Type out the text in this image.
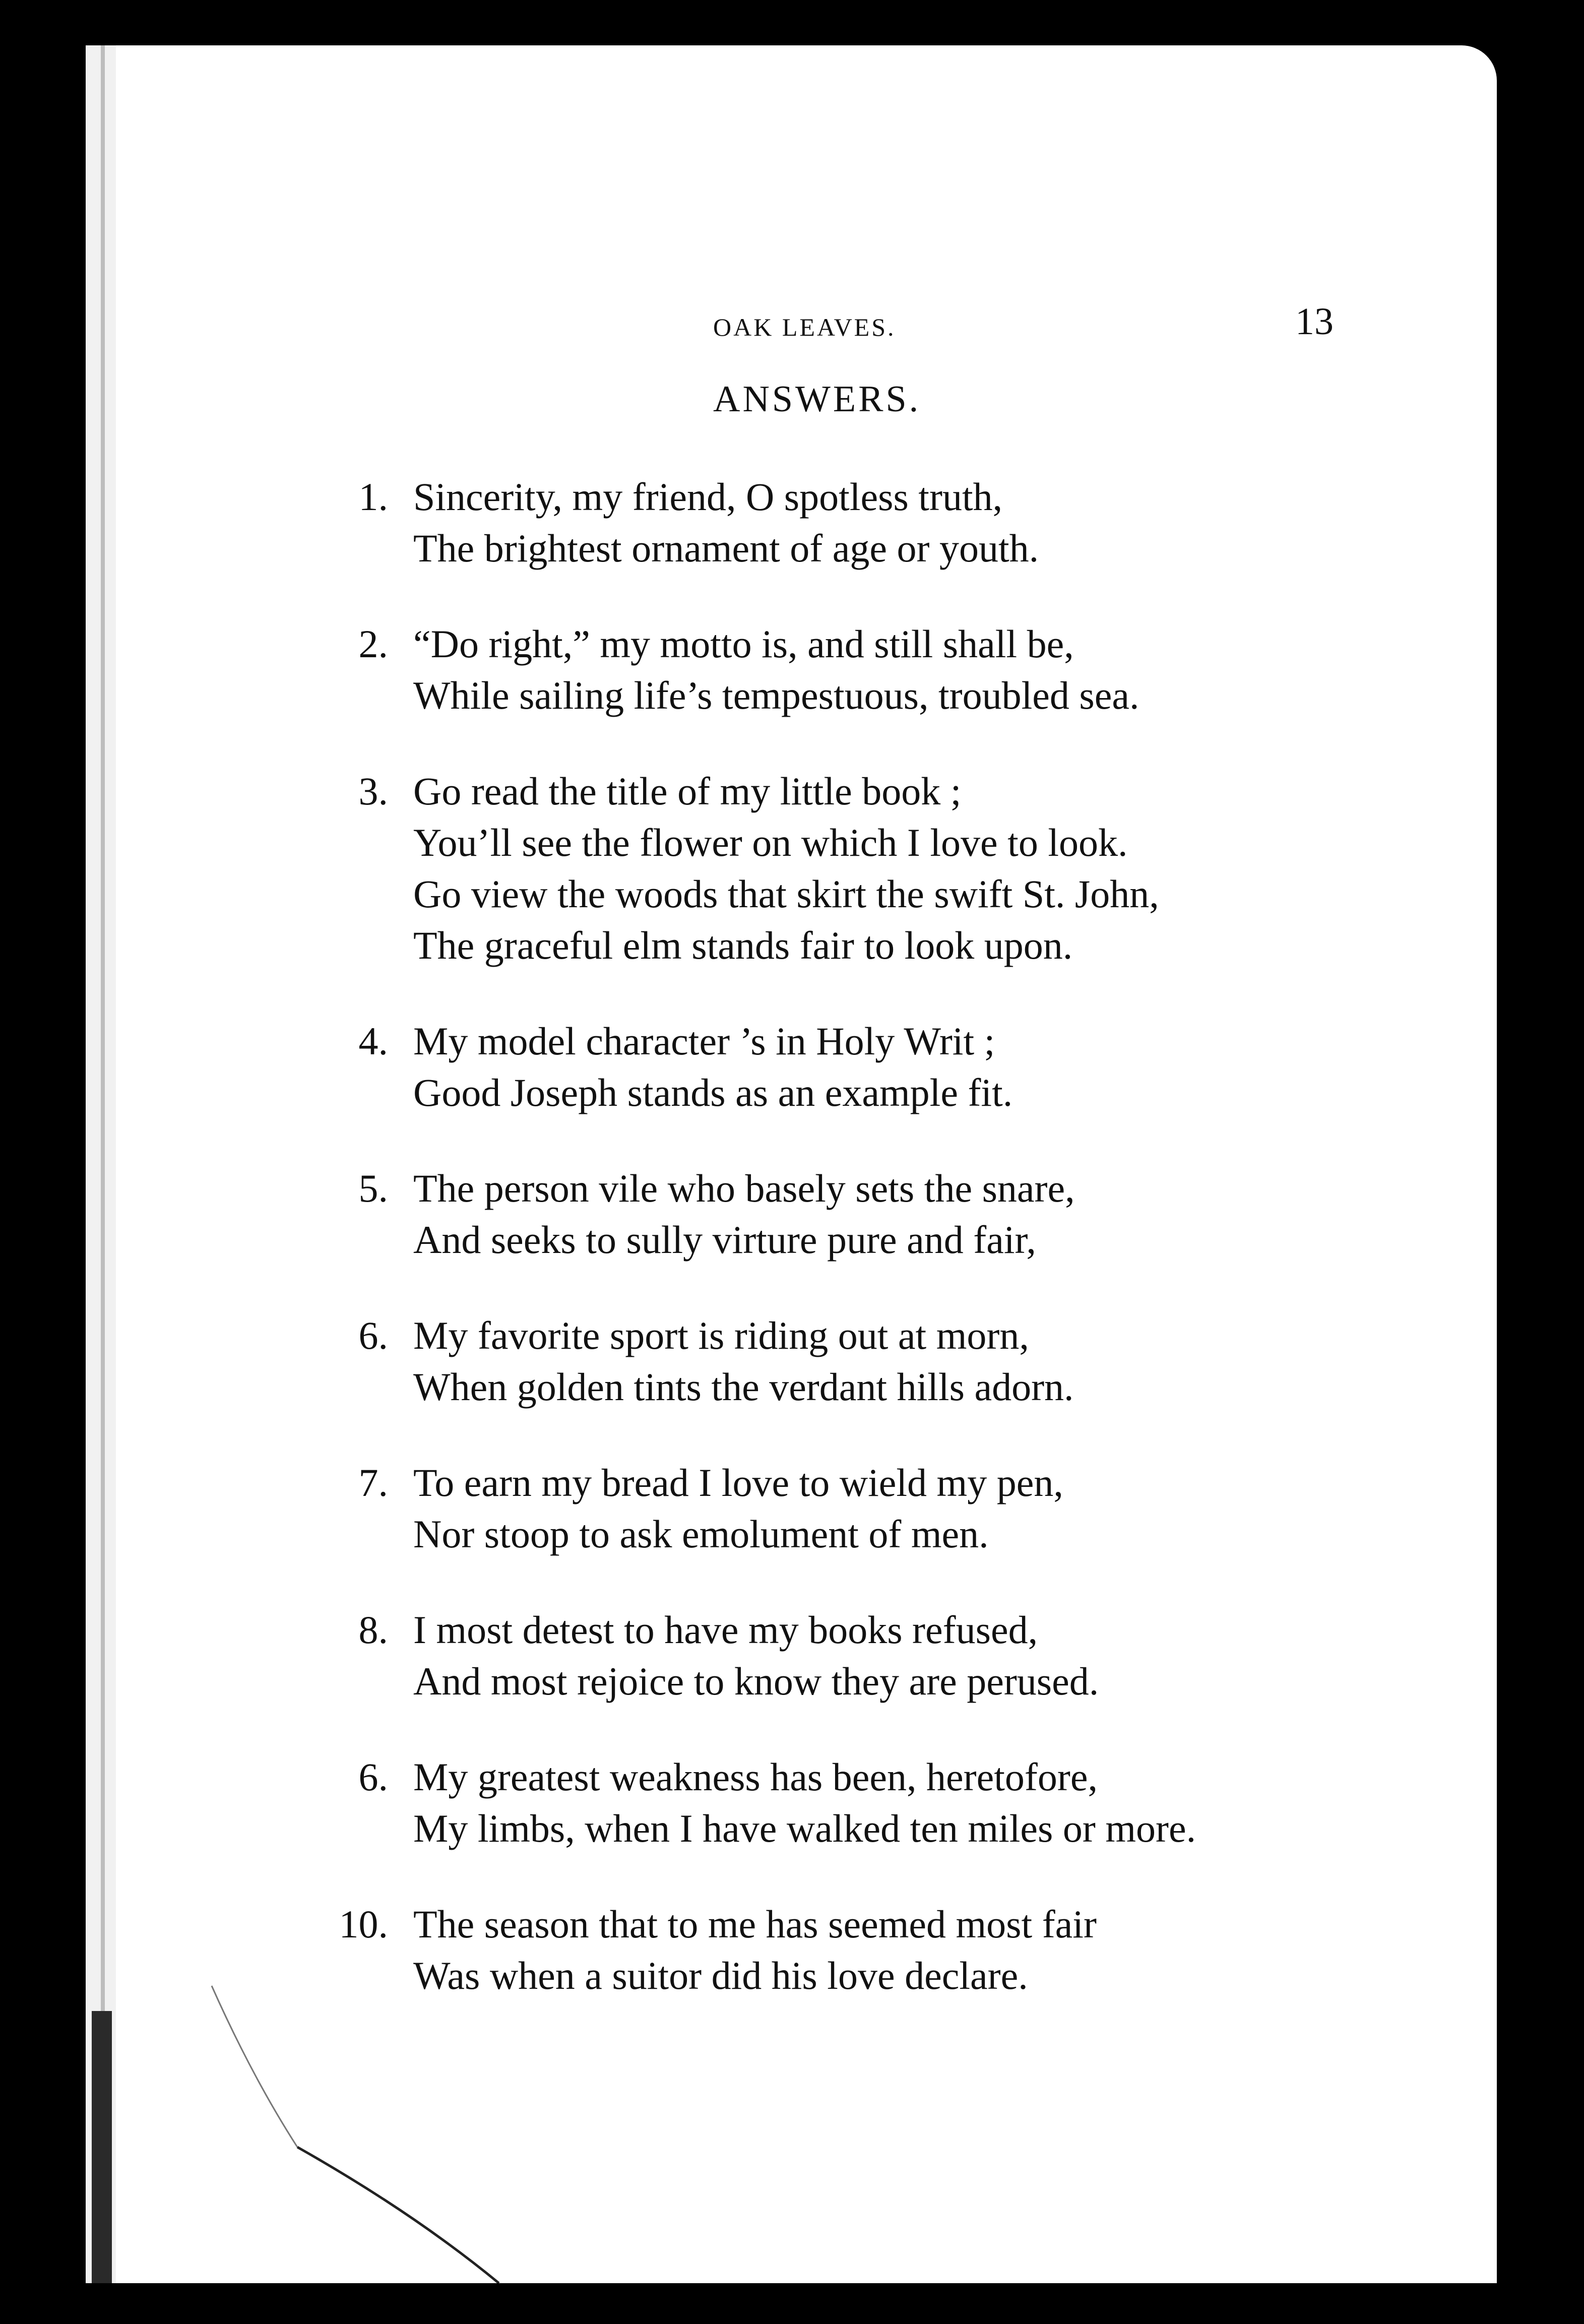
OAK LEAVES.	13
ANSWERS.
1. Sincerity, my friend, O spotless truth,
The brightest ornament of age or youth.
2. “Do right,” my motto is, and still shall be,
While sailing life’s tempestuous, troubled sea.
3. Go read the title of my little book ;
You’ll see the flower on which I love to look.
Go view the woods that skirt the swift St. John,
The graceful elm stands fair to look upon.
4. My model character ’s in Holy Writ ;
Good Joseph stands as an example fit.
5. The person vile who basely sets the snare,
And seeks to sully virture pure and fair,
6. My favorite sport is riding out at morn,
When golden tints the verdant hills adorn.
7. To earn my bread I love to wield my pen,
Nor stoop to ask emolument of men.
8. I most detest to have my books refused,
And most rejoice to know they are perused.
6. My greatest weakness has been, heretofore,
My limbs, when I have walked ten miles or more.
10. The season that to me has seemed most fair
Was when a suitor did his love declare.
